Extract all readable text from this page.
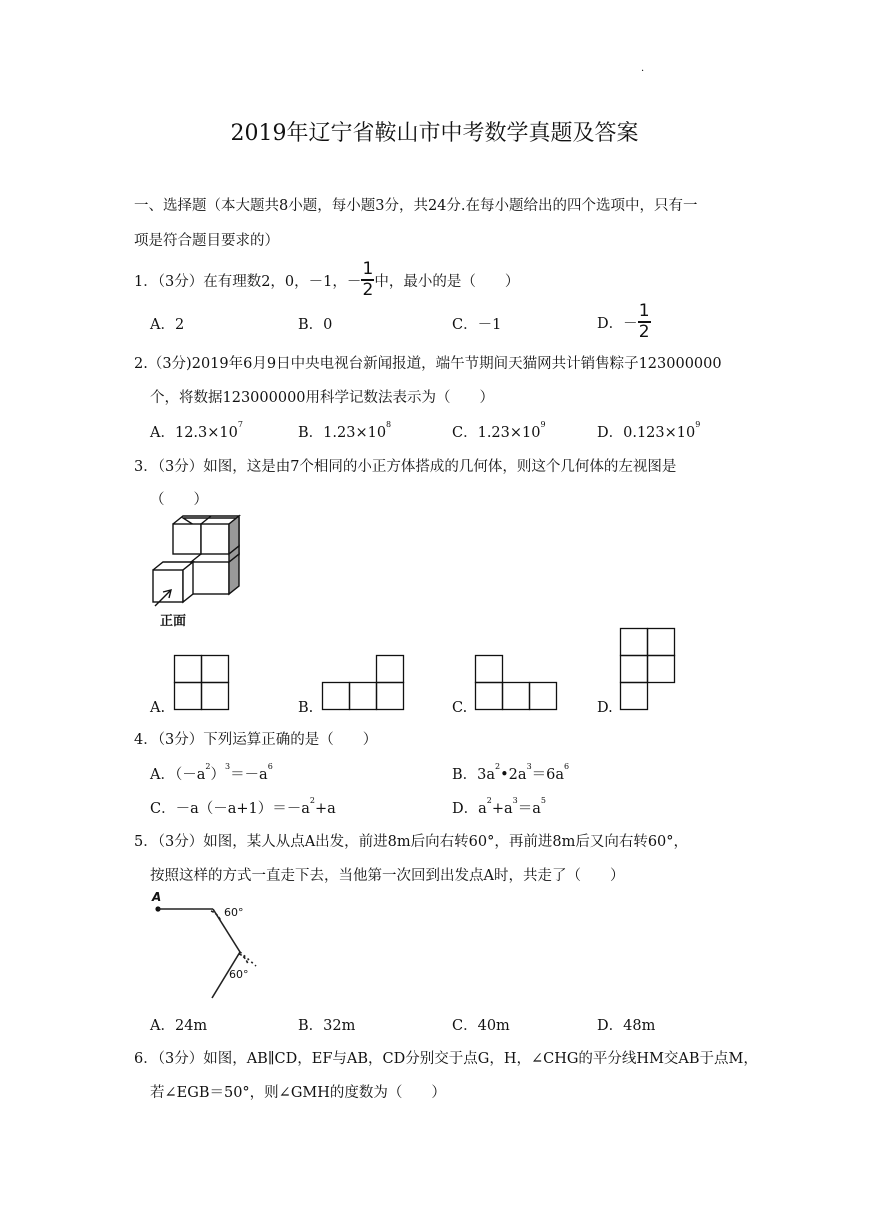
·
2019年辽宁省鞍山市中考数学真题及答案
一、选择题（本大题共8小题，每小题3分，共24分.在每小题给出的四个选项中，只有一
项是符合题目要求的）
1．（3分）在有理数2，0，－1，－ $\frac{1}{2}$ 中，最小的是（　　）
A．2	B．0	C．－1	D．－ $\frac{1}{2}$
2.（3分)2019年6月9日中央电视台新闻报道，端午节期间天猫网共计销售粽子123000000
个，将数据123000000用科学记数法表示为（　　）
A．$12.3\times 10^7$
B．$1.23\times 10^8$
C．$1.23\times 10^9$
D．$0.123\times 10^9$
3．（3分）如图，这是由7个相同的小正方体搭成的几何体，则这个几何体的左视图是
（　　）
正面
A.	B.	C.	D.
4．（3分）下列运算正确的是（　　）
A．$(-a^2)^3=-a^6$
B．$3a^2•2a^3=6a^6$
C．$-a(-a+1)=-a^2+a$	D．$a^2+a^3=a^5$
5．（3分）如图，某人从点A出发，前进8m后向右转60°，再前进8m后又向右转60°，
按照这样的方式一直走下去，当他第一次回到出发点A时，共走了（　　）
A
60°
60°
A．24m	B．32m	C．40m	D．48m
6．（3分）如图，AB∥CD，EF与AB，CD分别交于点G，H，∠CHG的平分线HM交AB于点M，
若∠EGB＝50°，则∠GMH的度数为（　　）
